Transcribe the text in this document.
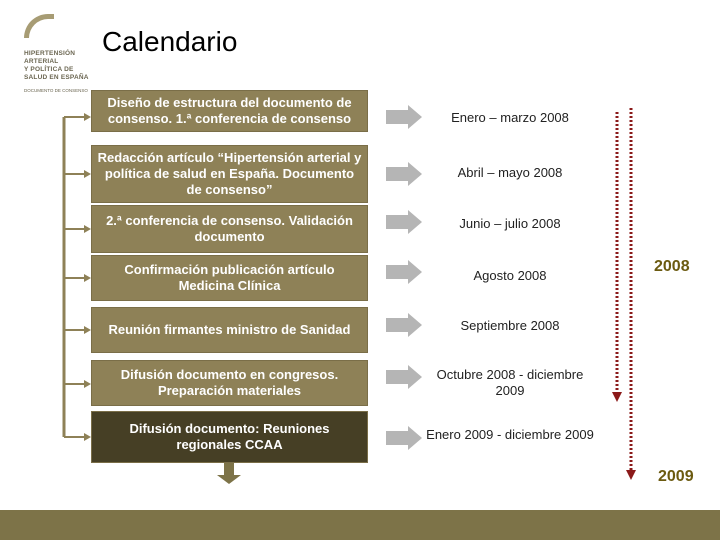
HIPERTENSIÓN
ARTERIAL
Y POLÍTICA DE
SALUD EN ESPAÑA
DOCUMENTO DE CONSENSO
Calendario
Diseño de estructura del documento de consenso. 1.ª conferencia de consenso
Redacción artículo “Hipertensión arterial y política de salud en España. Documento de consenso”
2.ª conferencia de consenso. Validación documento
Confirmación publicación artículo Medicina Clínica
Reunión firmantes ministro de Sanidad
Difusión documento en congresos. Preparación materiales
Difusión documento: Reuniones regionales CCAA
Enero – marzo 2008
Abril – mayo 2008
Junio – julio 2008
Agosto 2008
Septiembre 2008
Octubre 2008 - diciembre 2009
Enero 2009 - diciembre 2009
2008
2009
